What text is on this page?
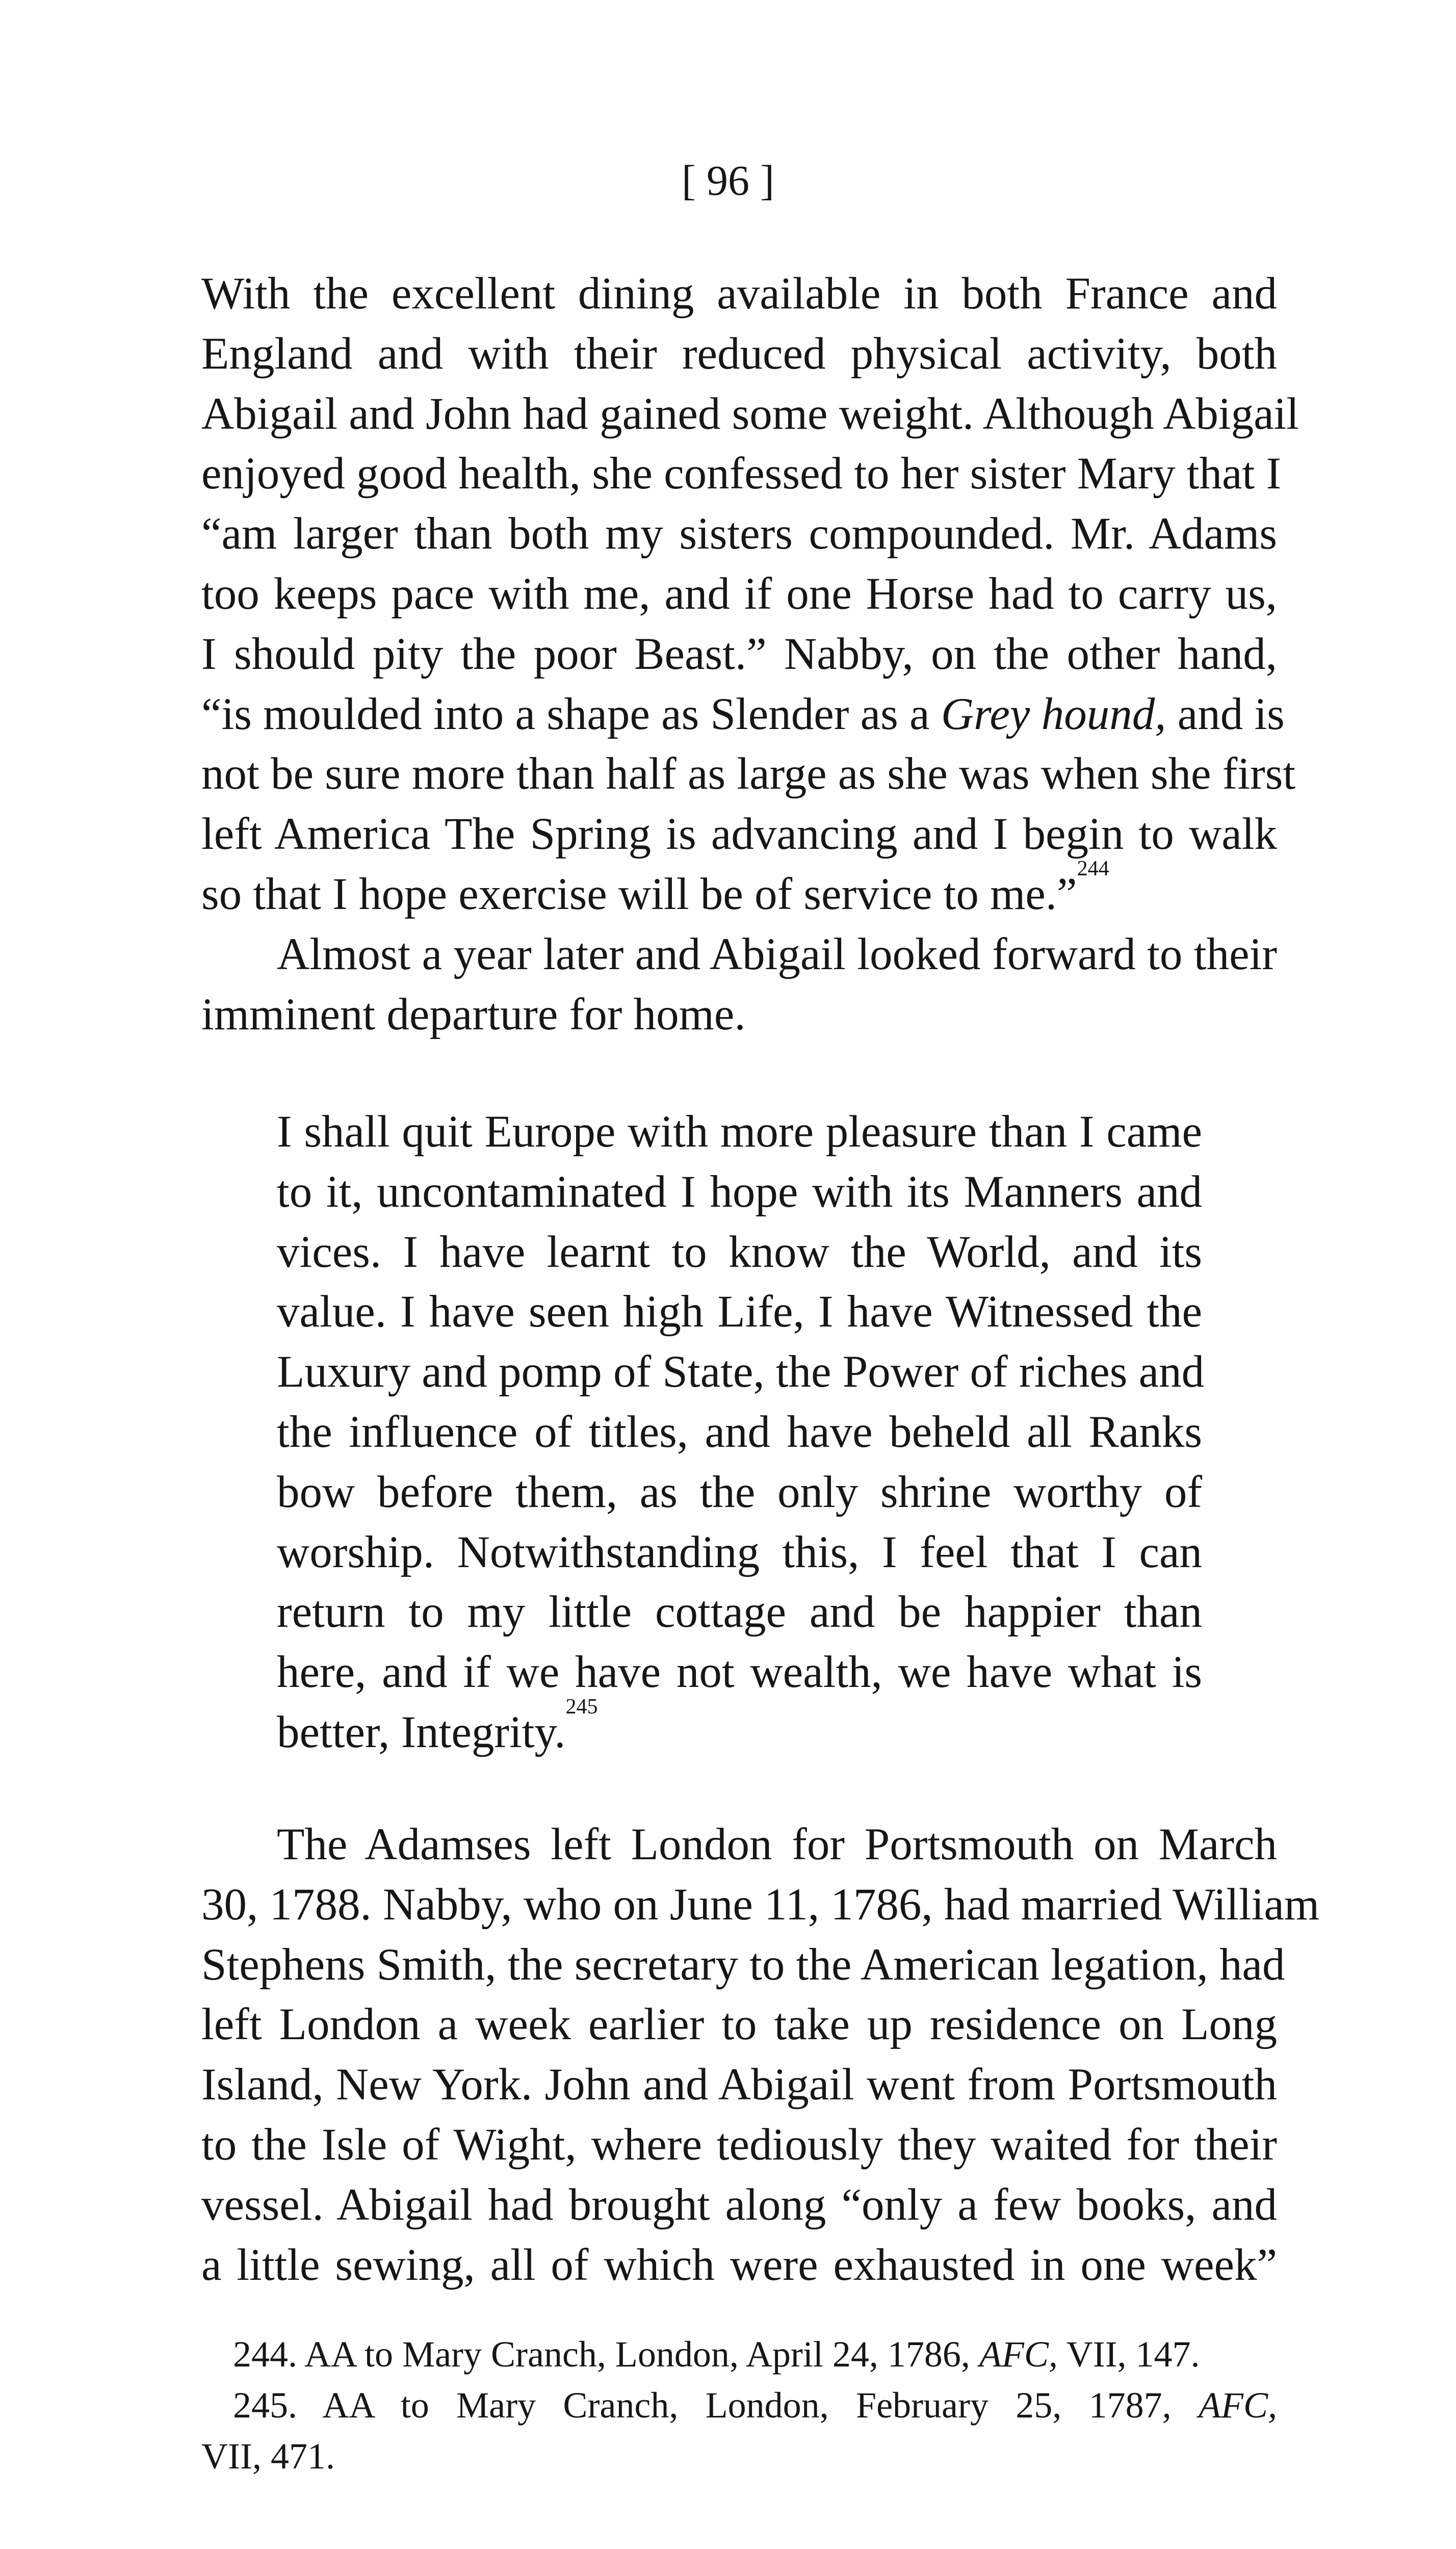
[ 96 ]
With the excellent dining available in both France and
England and with their reduced physical activity, both
Abigail and John had gained some weight. Although Abigail
enjoyed good health, she confessed to her sister Mary that I
“am larger than both my sisters compounded. Mr. Adams
too keeps pace with me, and if one Horse had to carry us,
I should pity the poor Beast.” Nabby, on the other hand,
“is moulded into a shape as Slender as a Grey hound, and is
not be sure more than half as large as she was when she first
left America The Spring is advancing and I begin to walk
so that I hope exercise will be of service to me.”$^{244}$
Almost a year later and Abigail looked forward to their
imminent departure for home.
I shall quit Europe with more pleasure than I came
to it, uncontaminated I hope with its Manners and
vices. I have learnt to know the World, and its
value. I have seen high Life, I have Witnessed the
Luxury and pomp of State, the Power of riches and
the influence of titles, and have beheld all Ranks
bow before them, as the only shrine worthy of
worship. Notwithstanding this, I feel that I can
return to my little cottage and be happier than
here, and if we have not wealth, we have what is
better, Integrity.$^{245}$
The Adamses left London for Portsmouth on March
30, 1788. Nabby, who on June 11, 1786, had married William
Stephens Smith, the secretary to the American legation, had
left London a week earlier to take up residence on Long
Island, New York. John and Abigail went from Portsmouth
to the Isle of Wight, where tediously they waited for their
vessel. Abigail had brought along “only a few books, and
a little sewing, all of which were exhausted in one week”
244. AA to Mary Cranch, London, April 24, 1786, AFC, VII, 147.
245. AA to Mary Cranch, London, February 25, 1787, AFC,
VII, 471.
